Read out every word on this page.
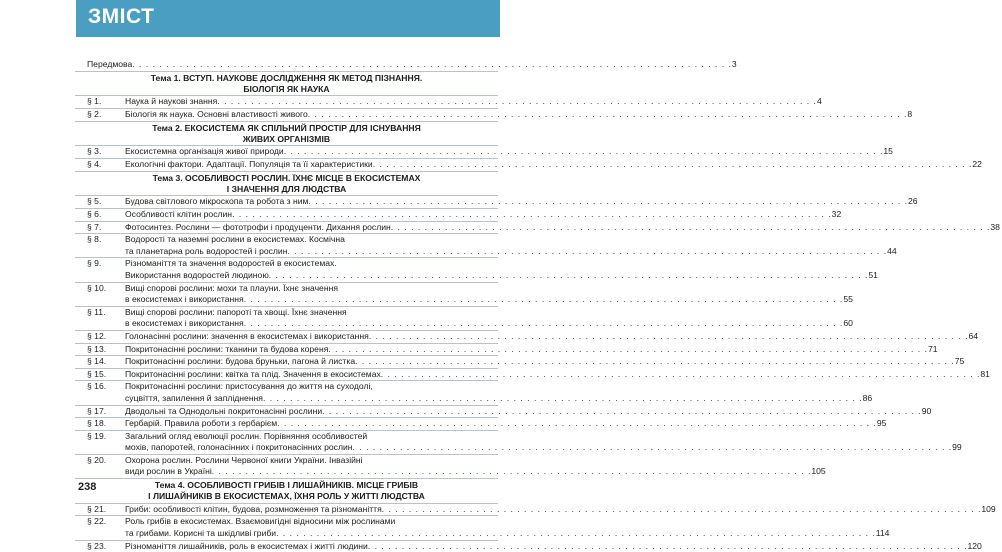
ЗМІСТ
Передмова . . . . . . . . . . . . . . . . . . . . . . . . . . . . . . . . . . . . . . . . . . . . . . . . . . . . . . . . . . . . . . . . . . . . . . . . . . . . . . . . . . . . . . . . . 3
Тема 1. ВСТУП. НАУКОВЕ ДОСЛІДЖЕННЯ ЯК МЕТОД ПІЗНАННЯ.
БІОЛОГІЯ ЯК НАУКА
§ 1.	Наука й наукові знання . . . . . . . . . . . . . . . . . . . . . . . . . . . . . . . . . . . . . . . . . . . . . . . . . . . . . . . . . . . . . . . . . . . . . . . . . . . . . . . . . . . . . . . . . 4
§ 2.	Біологія як наука. Основні властивості живого . . . . . . . . . . . . . . . . . . . . . . . . . . . . . . . . . . . . . . . . . . . . . . . . . . . . . . . . . . . . . . . . . . . . . . . . . . . . . . . . . . . . . . . . . 8
Тема 2. ЕКОСИСТЕМА ЯК СПІЛЬНИЙ ПРОСТІР ДЛЯ ІСНУВАННЯ
ЖИВИХ ОРГАНІЗМІВ
§ 3.	Екосистемна організація живої природи . . . . . . . . . . . . . . . . . . . . . . . . . . . . . . . . . . . . . . . . . . . . . . . . . . . . . . . . . . . . . . . . . . . . . . . . . . . . . . . . . . . . . . . . . 15
§ 4.	Екологічні фактори. Адаптації. Популяція та її характеристики . . . . . . . . . . . . . . . . . . . . . . . . . . . . . . . . . . . . . . . . . . . . . . . . . . . . . . . . . . . . . . . . . . . . . . . . . . . . . . . . . . . . . . . . . 22
Тема 3. ОСОБЛИВОСТІ РОСЛИН. ЇХНЄ МІСЦЕ В ЕКОСИСТЕМАХ
І ЗНАЧЕННЯ ДЛЯ ЛЮДСТВА
§ 5.	Будова світлового мікроскопа та робота з ним . . . . . . . . . . . . . . . . . . . . . . . . . . . . . . . . . . . . . . . . . . . . . . . . . . . . . . . . . . . . . . . . . . . . . . . . . . . . . . . . . . . . . . . . . 26
§ 6.	Особливості клітин рослин . . . . . . . . . . . . . . . . . . . . . . . . . . . . . . . . . . . . . . . . . . . . . . . . . . . . . . . . . . . . . . . . . . . . . . . . . . . . . . . . . . . . . . . . . 32
§ 7.	Фотосинтез. Рослини — фототрофи і продуценти. Дихання рослин . . . . . . . . . . . . . . . . . . . . . . . . . . . . . . . . . . . . . . . . . . . . . . . . . . . . . . . . . . . . . . . . . . . . . . . . . . . . . . . . . . . . . . . . . 38
§ 8.	Водорості та наземні рослини в екосистемах. Космічна
та планетарна роль водоростей і рослин . . . . . . . . . . . . . . . . . . . . . . . . . . . . . . . . . . . . . . . . . . . . . . . . . . . . . . . . . . . . . . . . . . . . . . . . . . . . . . . . . . . . . . . . . 44
§ 9.	Різноманіття та значення водоростей в екосистемах.
Використання водоростей людиною . . . . . . . . . . . . . . . . . . . . . . . . . . . . . . . . . . . . . . . . . . . . . . . . . . . . . . . . . . . . . . . . . . . . . . . . . . . . . . . . . . . . . . . . . 51
§ 10.	Вищі спорові рослини: мохи та плауни. Їхнє значення
в екосистемах і використання . . . . . . . . . . . . . . . . . . . . . . . . . . . . . . . . . . . . . . . . . . . . . . . . . . . . . . . . . . . . . . . . . . . . . . . . . . . . . . . . . . . . . . . . . 55
§ 11.	Вищі спорові рослини: папороті та хвощі. Їхнє значення
в екосистемах і використання . . . . . . . . . . . . . . . . . . . . . . . . . . . . . . . . . . . . . . . . . . . . . . . . . . . . . . . . . . . . . . . . . . . . . . . . . . . . . . . . . . . . . . . . . 60
§ 12.	Голонасінні рослини: значення в екосистемах і використання . . . . . . . . . . . . . . . . . . . . . . . . . . . . . . . . . . . . . . . . . . . . . . . . . . . . . . . . . . . . . . . . . . . . . . . . . . . . . . . . . . . . . . . . . 64
§ 13.	Покритонасінні рослини: тканини та будова кореня . . . . . . . . . . . . . . . . . . . . . . . . . . . . . . . . . . . . . . . . . . . . . . . . . . . . . . . . . . . . . . . . . . . . . . . . . . . . . . . . . . . . . . . . . 71
§ 14.	Покритонасінні рослини: будова бруньки, пагона й листка . . . . . . . . . . . . . . . . . . . . . . . . . . . . . . . . . . . . . . . . . . . . . . . . . . . . . . . . . . . . . . . . . . . . . . . . . . . . . . . . . . . . . . . . . 75
§ 15.	Покритонасінні рослини: квітка та плід. Значення в екосистемах . . . . . . . . . . . . . . . . . . . . . . . . . . . . . . . . . . . . . . . . . . . . . . . . . . . . . . . . . . . . . . . . . . . . . . . . . . . . . . . . . . . . . . . . . 81
§ 16.	Покритонасінні рослини: пристосування до життя на суходолі,
суцвіття, запилення й запліднення . . . . . . . . . . . . . . . . . . . . . . . . . . . . . . . . . . . . . . . . . . . . . . . . . . . . . . . . . . . . . . . . . . . . . . . . . . . . . . . . . . . . . . . . . 86
§ 17.	Дводольні та Однодольні покритонасінні рослини . . . . . . . . . . . . . . . . . . . . . . . . . . . . . . . . . . . . . . . . . . . . . . . . . . . . . . . . . . . . . . . . . . . . . . . . . . . . . . . . . . . . . . . . . 90
§ 18.	Гербарій. Правила роботи з гербарієм . . . . . . . . . . . . . . . . . . . . . . . . . . . . . . . . . . . . . . . . . . . . . . . . . . . . . . . . . . . . . . . . . . . . . . . . . . . . . . . . . . . . . . . . . 95
§ 19.	Загальний огляд еволюції рослин. Порівняння особливостей
мохів, папоротей, голонасінних і покритонасінних рослин . . . . . . . . . . . . . . . . . . . . . . . . . . . . . . . . . . . . . . . . . . . . . . . . . . . . . . . . . . . . . . . . . . . . . . . . . . . . . . . . . . . . . . . . . 99
§ 20.	Охорона рослин. Рослини Червоної книги України. Інвазійні
види рослин в Україні . . . . . . . . . . . . . . . . . . . . . . . . . . . . . . . . . . . . . . . . . . . . . . . . . . . . . . . . . . . . . . . . . . . . . . . . . . . . . . . . . . . . . . . . . 105
Тема 4. ОСОБЛИВОСТІ ГРИБІВ І ЛИШАЙНИКІВ. МІСЦЕ ГРИБІВ
І ЛИШАЙНИКІВ В ЕКОСИСТЕМАХ, ЇХНЯ РОЛЬ У ЖИТТІ ЛЮДСТВА
§ 21.	Гриби: особливості клітин, будова, розмноження та різноманіття . . . . . . . . . . . . . . . . . . . . . . . . . . . . . . . . . . . . . . . . . . . . . . . . . . . . . . . . . . . . . . . . . . . . . . . . . . . . . . . . . . . . . . . . . 109
§ 22.	Роль грибів в екосистемах. Взаємовигідні відносини між рослинами
та грибами. Корисні та шкідливі гриби . . . . . . . . . . . . . . . . . . . . . . . . . . . . . . . . . . . . . . . . . . . . . . . . . . . . . . . . . . . . . . . . . . . . . . . . . . . . . . . . . . . . . . . . . 114
§ 23.	Різноманіття лишайників, роль в екосистемах і житті людини . . . . . . . . . . . . . . . . . . . . . . . . . . . . . . . . . . . . . . . . . . . . . . . . . . . . . . . . . . . . . . . . . . . . . . . . . . . . . . . . . . . . . . . . . 120
238
